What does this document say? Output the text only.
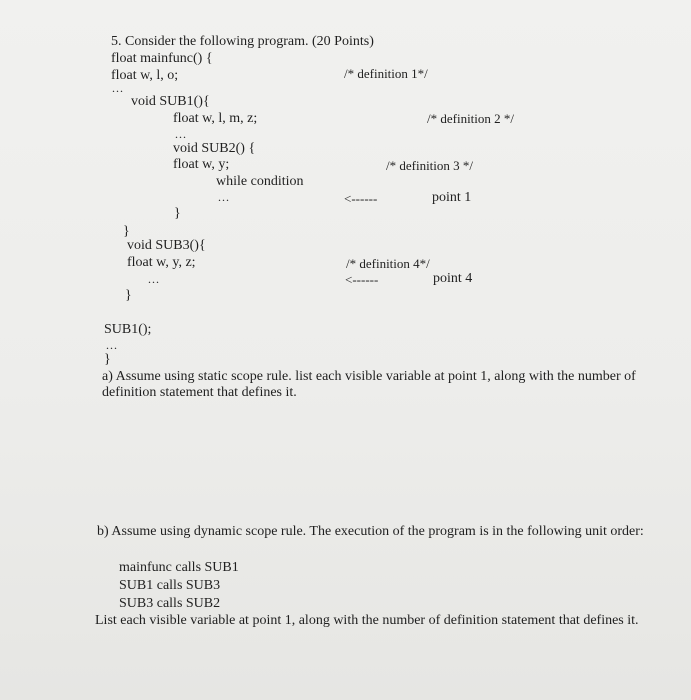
5. Consider the following program. (20 Points)
float mainfunc() {
float w, l, o;	/* definition 1*/
...
void SUB1(){
float w, l, m, z;	/* definition 2 */
...
void SUB2() {
float w, y;	/* definition 3 */
while condition
...	<------	point 1
}
}
void SUB3(){
float w, y, z;	/* definition 4*/
...	<------	point 4
}
SUB1();
...
}
a) Assume using static scope rule. list each visible variable at point 1, along with the number of definition statement that defines it.
b) Assume using dynamic scope rule. The execution of the program is in the following unit order:
mainfunc calls SUB1
SUB1 calls SUB3
SUB3 calls SUB2
List each visible variable at point 1, along with the number of definition statement that defines it.
